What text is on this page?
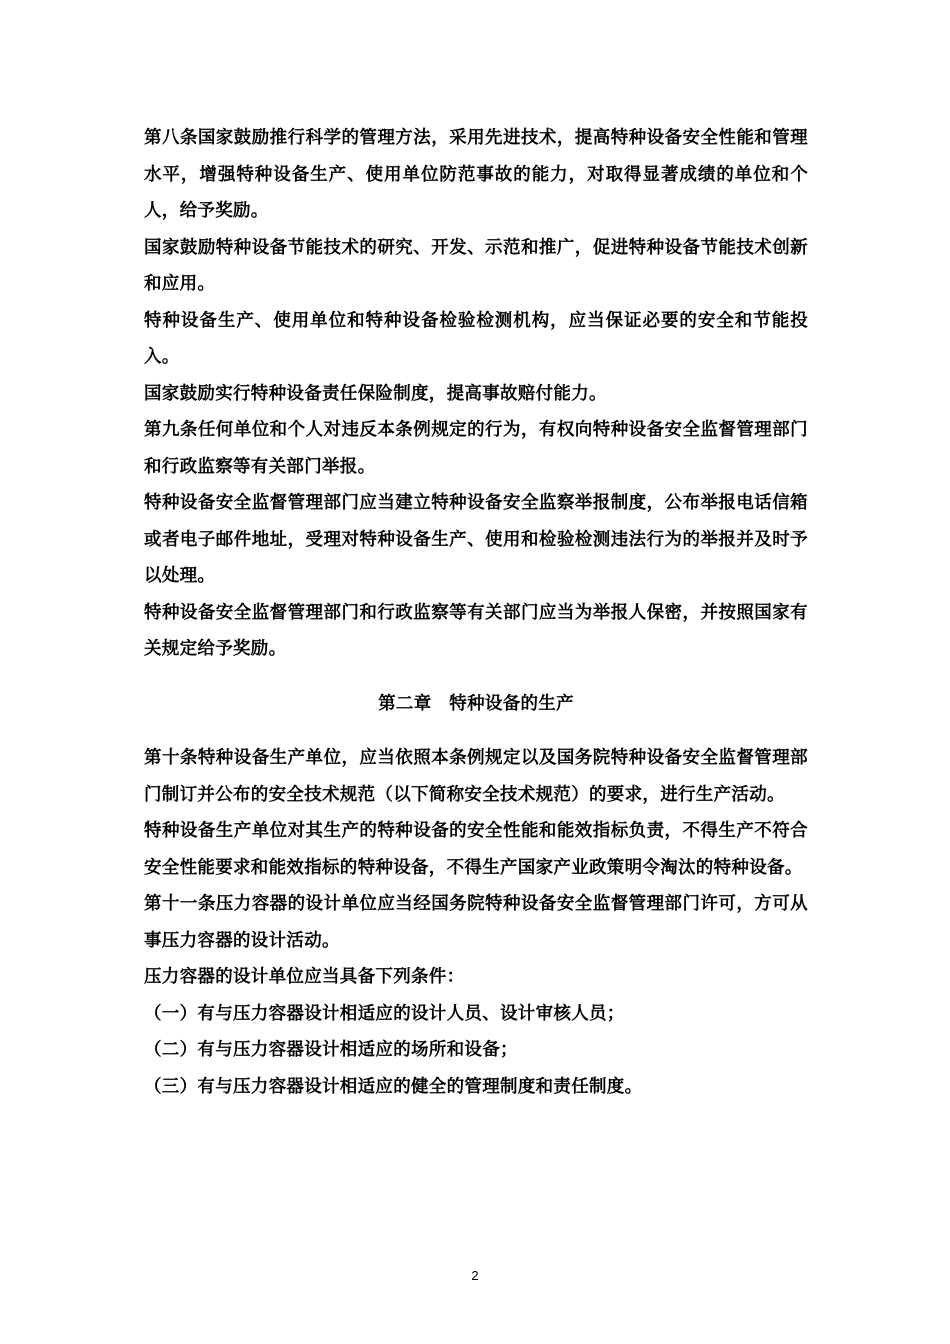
第八条国家鼓励推行科学的管理方法，采用先进技术，提高特种设备安全性能和管理水平，增强特种设备生产、使用单位防范事故的能力，对取得显著成绩的单位和个人，给予奖励。

国家鼓励特种设备节能技术的研究、开发、示范和推广，促进特种设备节能技术创新和应用。

特种设备生产、使用单位和特种设备检验检测机构，应当保证必要的安全和节能投入。

国家鼓励实行特种设备责任保险制度，提高事故赔付能力。

第九条任何单位和个人对违反本条例规定的行为，有权向特种设备安全监督管理部门和行政监察等有关部门举报。

特种设备安全监督管理部门应当建立特种设备安全监察举报制度，公布举报电话信箱或者电子邮件地址，受理对特种设备生产、使用和检验检测违法行为的举报并及时予以处理。

特种设备安全监督管理部门和行政监察等有关部门应当为举报人保密，并按照国家有关规定给予奖励。

第二章　特种设备的生产

第十条特种设备生产单位，应当依照本条例规定以及国务院特种设备安全监督管理部门制订并公布的安全技术规范（以下简称安全技术规范）的要求，进行生产活动。

特种设备生产单位对其生产的特种设备的安全性能和能效指标负责，不得生产不符合安全性能要求和能效指标的特种设备，不得生产国家产业政策明令淘汰的特种设备。

第十一条压力容器的设计单位应当经国务院特种设备安全监督管理部门许可，方可从事压力容器的设计活动。

压力容器的设计单位应当具备下列条件：

（一）有与压力容器设计相适应的设计人员、设计审核人员；

（二）有与压力容器设计相适应的场所和设备；

（三）有与压力容器设计相适应的健全的管理制度和责任制度。

2
